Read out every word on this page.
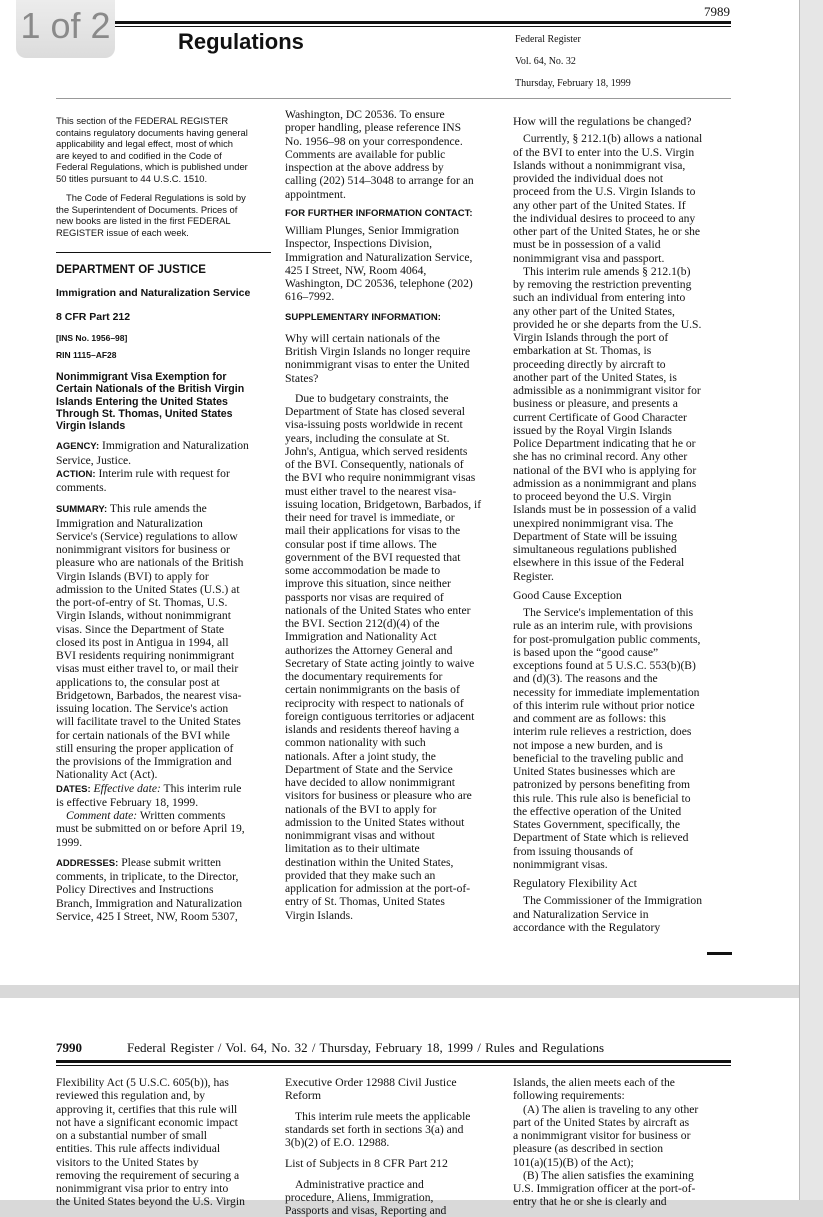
7989
Regulations	Federal Register
Vol. 64, No. 32
Thursday, February 18, 1999
This section of the FEDERAL REGISTER
contains regulatory documents having general
applicability and legal effect, most of which
are keyed to and codified in the Code of
Federal Regulations, which is published under
50 titles pursuant to 44 U.S.C. 1510.
The Code of Federal Regulations is sold by
the Superintendent of Documents. Prices of
new books are listed in the first FEDERAL
REGISTER issue of each week.
DEPARTMENT OF JUSTICE
Immigration and Naturalization Service
8 CFR Part 212
[INS No. 1956–98]
RIN 1115–AF28
Nonimmigrant Visa Exemption for
Certain Nationals of the British Virgin
Islands Entering the United States
Through St. Thomas, United States
Virgin Islands
AGENCY: Immigration and Naturalization
Service, Justice.
ACTION: Interim rule with request for
comments.
SUMMARY: This rule amends the
Immigration and Naturalization
Service's (Service) regulations to allow
nonimmigrant visitors for business or
pleasure who are nationals of the British
Virgin Islands (BVI) to apply for
admission to the United States (U.S.) at
the port-of-entry of St. Thomas, U.S.
Virgin Islands, without nonimmigrant
visas. Since the Department of State
closed its post in Antigua in 1994, all
BVI residents requiring nonimmigrant
visas must either travel to, or mail their
applications to, the consular post at
Bridgetown, Barbados, the nearest visa-
issuing location. The Service's action
will facilitate travel to the United States
for certain nationals of the BVI while
still ensuring the proper application of
the provisions of the Immigration and
Nationality Act (Act).
DATES: Effective date: This interim rule
is effective February 18, 1999.
Comment date: Written comments
must be submitted on or before April 19,
1999.
ADDRESSES: Please submit written
comments, in triplicate, to the Director,
Policy Directives and Instructions
Branch, Immigration and Naturalization
Service, 425 I Street, NW, Room 5307,
Washington, DC 20536. To ensure
proper handling, please reference INS
No. 1956–98 on your correspondence.
Comments are available for public
inspection at the above address by
calling (202) 514–3048 to arrange for an
appointment.
FOR FURTHER INFORMATION CONTACT:
William Plunges, Senior Immigration
Inspector, Inspections Division,
Immigration and Naturalization Service,
425 I Street, NW, Room 4064,
Washington, DC 20536, telephone (202)
616–7992.
SUPPLEMENTARY INFORMATION:
Why will certain nationals of the
British Virgin Islands no longer require
nonimmigrant visas to enter the United
States?
Due to budgetary constraints, the
Department of State has closed several
visa-issuing posts worldwide in recent
years, including the consulate at St.
John's, Antigua, which served residents
of the BVI. Consequently, nationals of
the BVI who require nonimmigrant visas
must either travel to the nearest visa-
issuing location, Bridgetown, Barbados, if
their need for travel is immediate, or
mail their applications for visas to the
consular post if time allows. The
government of the BVI requested that
some accommodation be made to
improve this situation, since neither
passports nor visas are required of
nationals of the United States who enter
the BVI. Section 212(d)(4) of the
Immigration and Nationality Act
authorizes the Attorney General and
Secretary of State acting jointly to waive
the documentary requirements for
certain nonimmigrants on the basis of
reciprocity with respect to nationals of
foreign contiguous territories or adjacent
islands and residents thereof having a
common nationality with such
nationals. After a joint study, the
Department of State and the Service
have decided to allow nonimmigrant
visitors for business or pleasure who are
nationals of the BVI to apply for
admission to the United States without
nonimmigrant visas and without
limitation as to their ultimate
destination within the United States,
provided that they make such an
application for admission at the port-of-
entry of St. Thomas, United States
Virgin Islands.
How will the regulations be changed?
Currently, § 212.1(b) allows a national
of the BVI to enter into the U.S. Virgin
Islands without a nonimmigrant visa,
provided the individual does not
proceed from the U.S. Virgin Islands to
any other part of the United States. If
the individual desires to proceed to any
other part of the United States, he or she
must be in possession of a valid
nonimmigrant visa and passport.
This interim rule amends § 212.1(b)
by removing the restriction preventing
such an individual from entering into
any other part of the United States,
provided he or she departs from the U.S.
Virgin Islands through the port of
embarkation at St. Thomas, is
proceeding directly by aircraft to
another part of the United States, is
admissible as a nonimmigrant visitor for
business or pleasure, and presents a
current Certificate of Good Character
issued by the Royal Virgin Islands
Police Department indicating that he or
she has no criminal record. Any other
national of the BVI who is applying for
admission as a nonimmigrant and plans
to proceed beyond the U.S. Virgin
Islands must be in possession of a valid
unexpired nonimmigrant visa. The
Department of State will be issuing
simultaneous regulations published
elsewhere in this issue of the Federal
Register.
Good Cause Exception
The Service's implementation of this
rule as an interim rule, with provisions
for post-promulgation public comments,
is based upon the “good cause”
exceptions found at 5 U.S.C. 553(b)(B)
and (d)(3). The reasons and the
necessity for immediate implementation
of this interim rule without prior notice
and comment are as follows: this
interim rule relieves a restriction, does
not impose a new burden, and is
beneficial to the traveling public and
United States businesses which are
patronized by persons benefiting from
this rule. This rule also is beneficial to
the effective operation of the United
States Government, specifically, the
Department of State which is relieved
from issuing thousands of
nonimmigrant visas.
Regulatory Flexibility Act
The Commissioner of the Immigration
and Naturalization Service in
accordance with the Regulatory
7990	Federal Register / Vol. 64, No. 32 / Thursday, February 18, 1999 / Rules and Regulations
Flexibility Act (5 U.S.C. 605(b)), has
reviewed this regulation and, by
approving it, certifies that this rule will
not have a significant economic impact
on a substantial number of small
entities. This rule affects individual
visitors to the United States by
removing the requirement of securing a
nonimmigrant visa prior to entry into
the United States beyond the U.S. Virgin
Executive Order 12988 Civil Justice
Reform
This interim rule meets the applicable
standards set forth in sections 3(a) and
3(b)(2) of E.O. 12988.
List of Subjects in 8 CFR Part 212
Administrative practice and
procedure, Aliens, Immigration,
Passports and visas, Reporting and
Islands, the alien meets each of the
following requirements:
(A) The alien is traveling to any other
part of the United States by aircraft as
a nonimmigrant visitor for business or
pleasure (as described in section
101(a)(15)(B) of the Act);
(B) The alien satisfies the examining
U.S. Immigration officer at the port-of-
entry that he or she is clearly and
1 of 2
